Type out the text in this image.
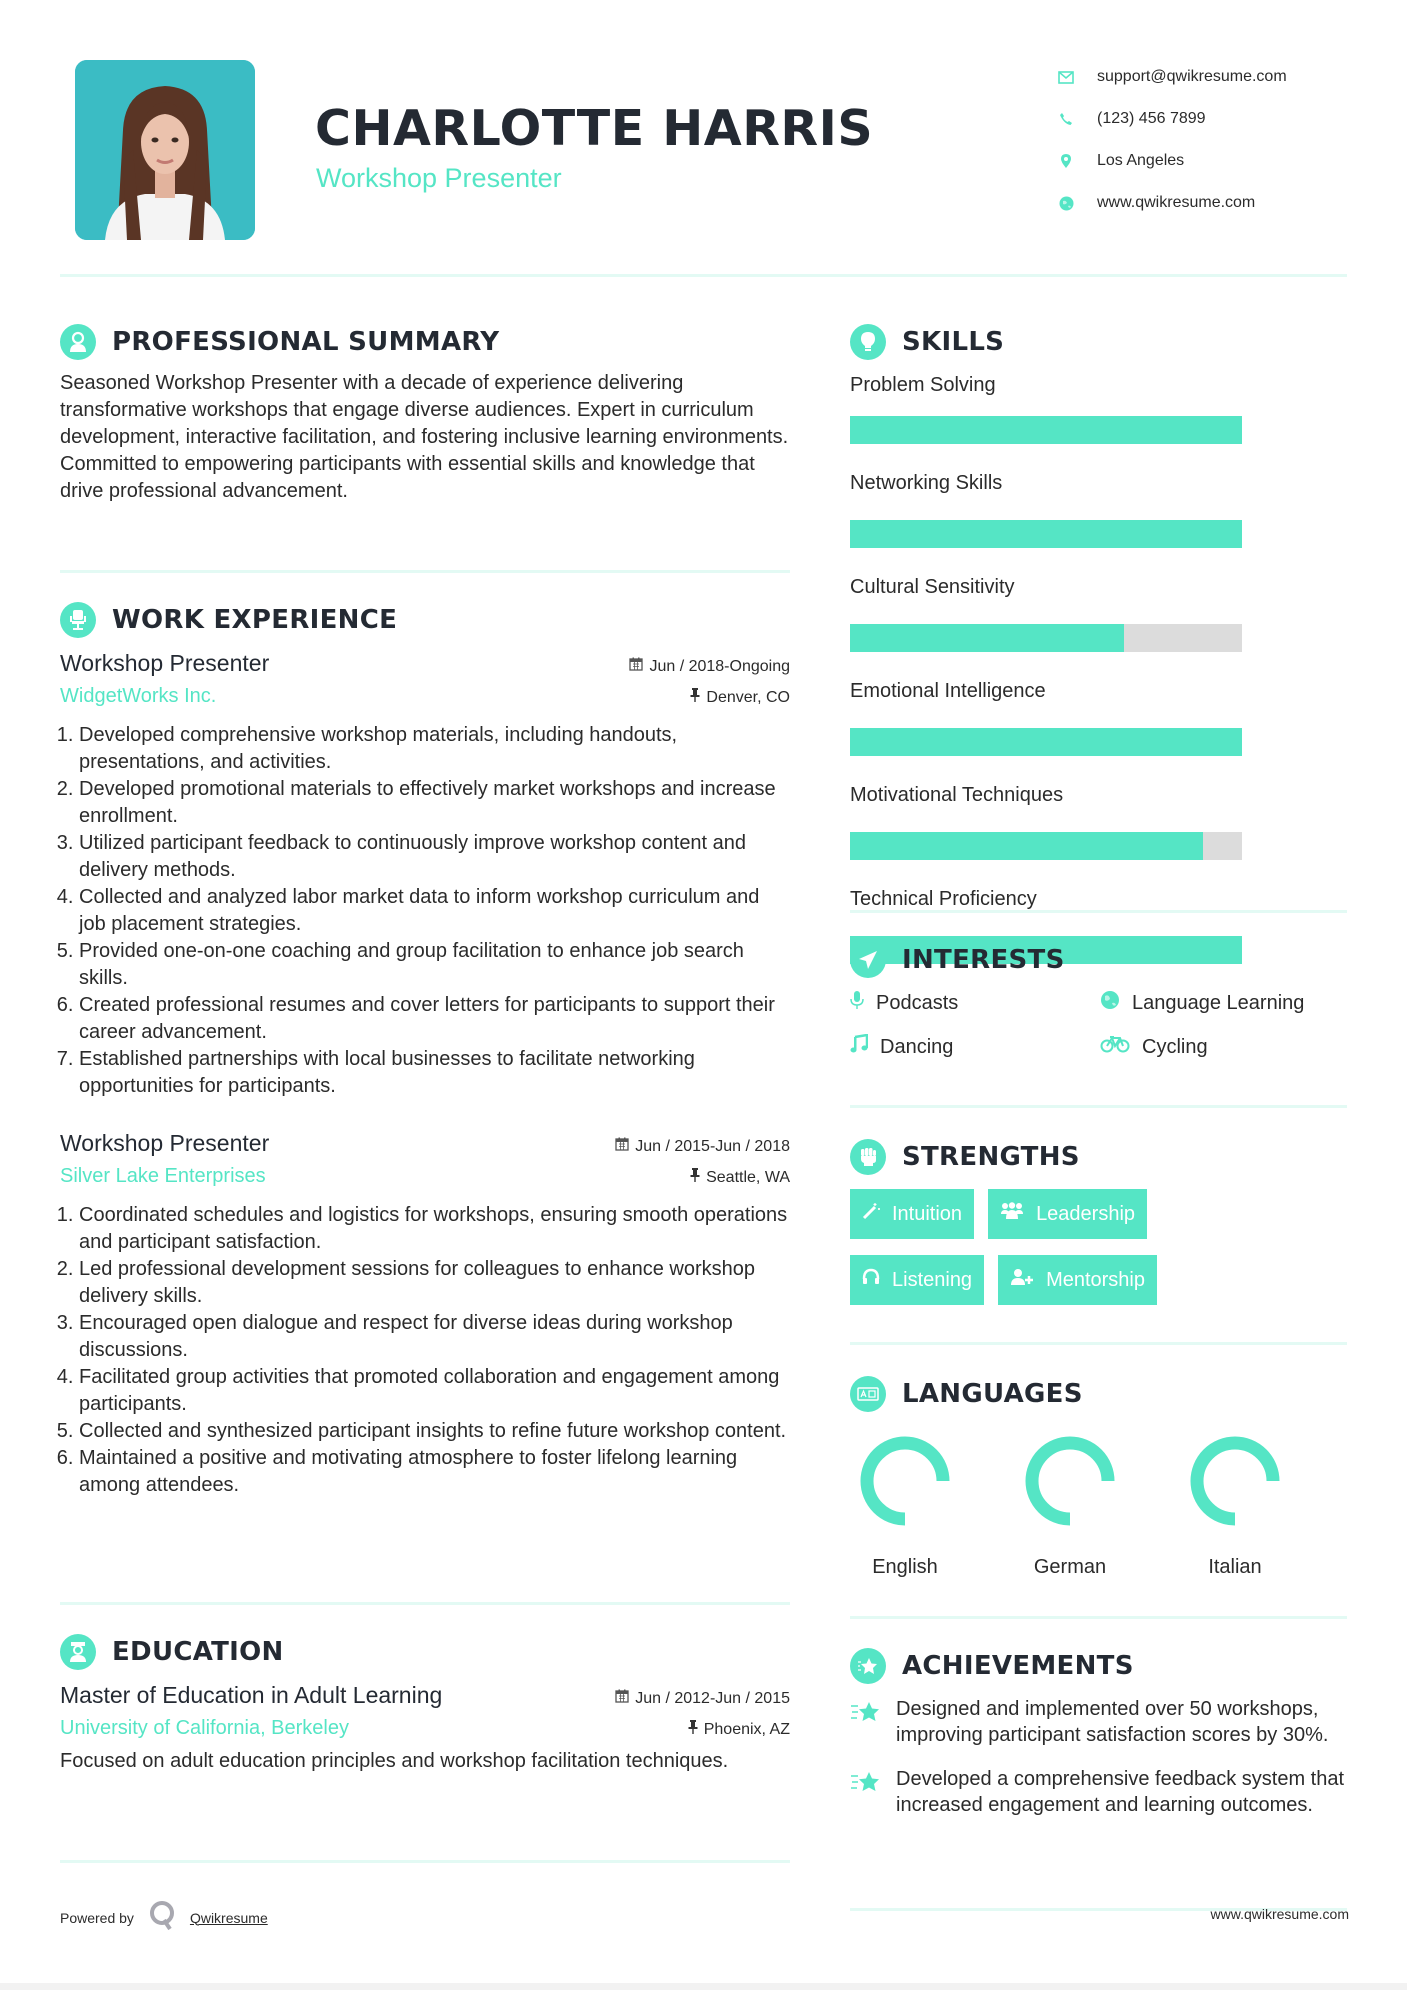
CHARLOTTE HARRIS
Workshop Presenter
support@qwikresume.com
(123) 456 7899
Los Angeles
www.qwikresume.com
PROFESSIONAL SUMMARY

Seasoned Workshop Presenter with a decade of experience delivering transformative workshops that engage diverse audiences. Expert in curriculum development, interactive facilitation, and fostering inclusive learning environments. Committed to empowering participants with essential skills and knowledge that drive professional advancement.

WORK EXPERIENCE
Workshop Presenter	Jun / 2018-Ongoing
WidgetWorks Inc.	Denver, CO
1. Developed comprehensive workshop materials, including handouts, presentations, and activities.
2. Developed promotional materials to effectively market workshops and increase enrollment.
3. Utilized participant feedback to continuously improve workshop content and delivery methods.
4. Collected and analyzed labor market data to inform workshop curriculum and job placement strategies.
5. Provided one-on-one coaching and group facilitation to enhance job search skills.
6. Created professional resumes and cover letters for participants to support their career advancement.
7. Established partnerships with local businesses to facilitate networking opportunities for participants.
Workshop Presenter	Jun / 2015-Jun / 2018
Silver Lake Enterprises	Seattle, WA
1. Coordinated schedules and logistics for workshops, ensuring smooth operations and participant satisfaction.
2. Led professional development sessions for colleagues to enhance workshop delivery skills.
3. Encouraged open dialogue and respect for diverse ideas during workshop discussions.
4. Facilitated group activities that promoted collaboration and engagement among participants.
5. Collected and synthesized participant insights to refine future workshop content.
6. Maintained a positive and motivating atmosphere to foster lifelong learning among attendees.
EDUCATION
Master of Education in Adult Learning	Jun / 2012-Jun / 2015
University of California, Berkeley	Phoenix, AZ

Focused on adult education principles and workshop facilitation techniques.

Powered by	Qwikresume
SKILLS
Problem Solving
Networking Skills
Cultural Sensitivity
Emotional Intelligence
Motivational Techniques
Technical Proficiency
INTERESTS
Podcasts	Language Learning
Dancing	Cycling
STRENGTHS
Intuition	Leadership
Listening	Mentorship
LANGUAGES
English	German	Italian
ACHIEVEMENTS
Designed and implemented over 50 workshops, improving participant satisfaction scores by 30%.
Developed a comprehensive feedback system that increased engagement and learning outcomes.
www.qwikresume.com
